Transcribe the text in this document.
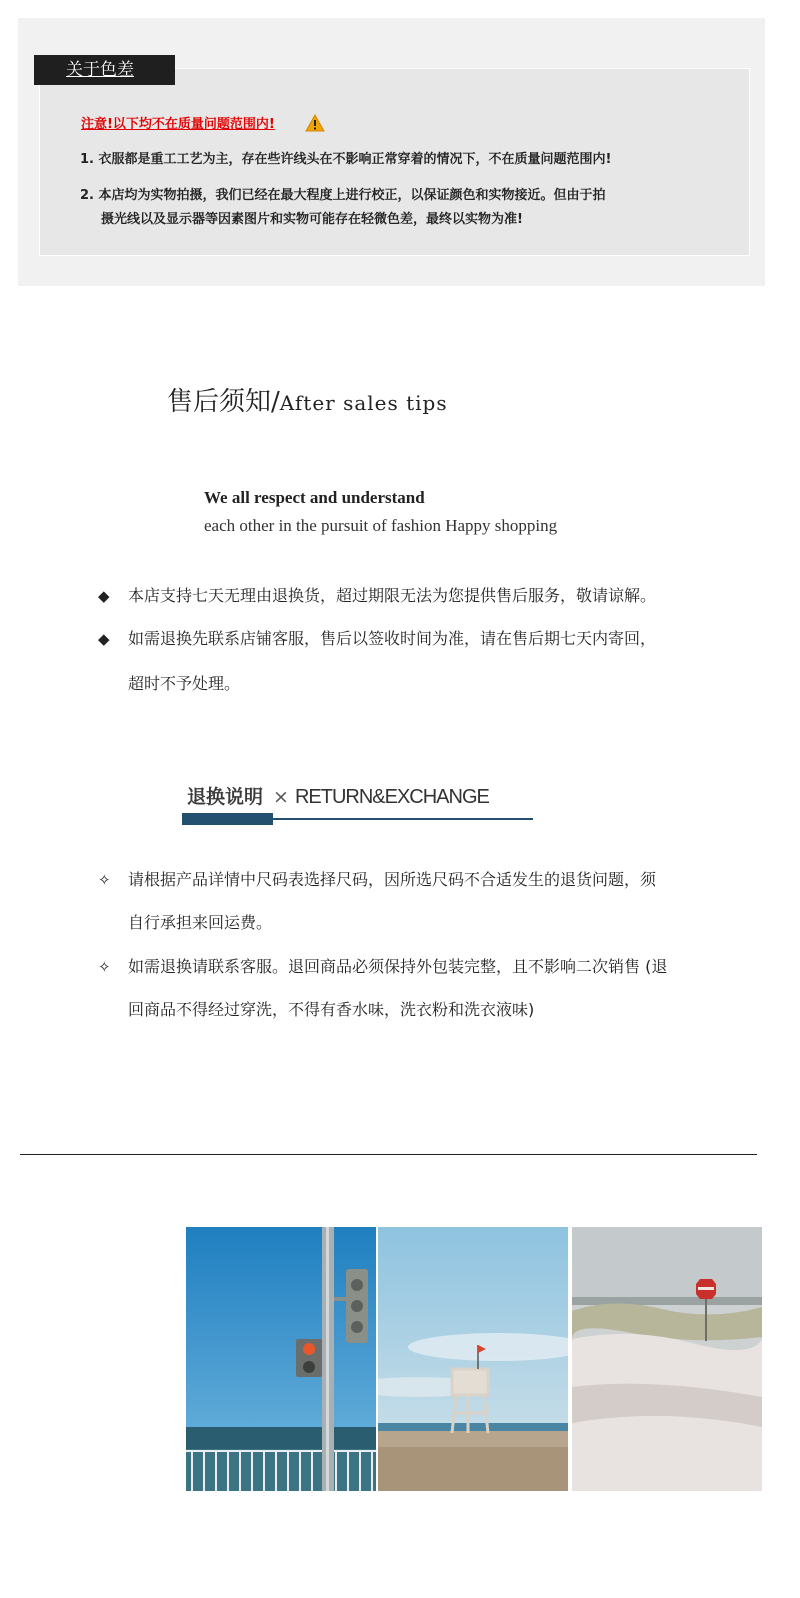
关于色差
注意!以下均不在质量问题范围内!
1. 衣服都是重工工艺为主，存在些许线头在不影响正常穿着的情况下，不在质量问题范围内!
2. 本店均为实物拍摄，我们已经在最大程度上进行校正，以保证颜色和实物接近。但由于拍
摄光线以及显示器等因素图片和实物可能存在轻微色差，最终以实物为准!
售后须知/After sales tips
We all respect and understand
each other in the pursuit of fashion Happy shopping
◆ 本店支持七天无理由退换货，超过期限无法为您提供售后服务，敬请谅解。
◆ 如需退换先联系店铺客服，售后以签收时间为准，请在售后期七天内寄回，
超时不予处理。
退换说明 × RETURN&EXCHANGE
✧ 请根据产品详情中尺码表选择尺码，因所选尺码不合适发生的退货问题，须
自行承担来回运费。
✧ 如需退换请联系客服。退回商品必须保持外包装完整，且不影响二次销售 (退
回商品不得经过穿洗，不得有香水味，洗衣粉和洗衣液味)
